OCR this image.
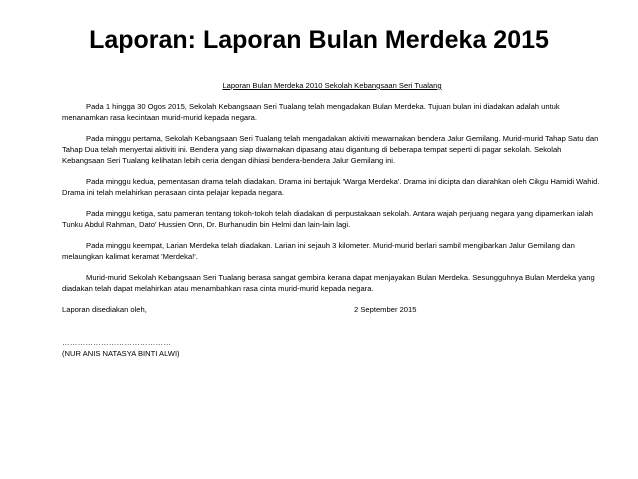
Laporan: Laporan Bulan Merdeka 2015

Laporan Bulan Merdeka 2010 Sekolah Kebangsaan Seri Tualang

Pada 1 hingga 30 Ogos 2015, Sekolah Kebangsaan Seri Tualang telah mengadakan Bulan Merdeka. Tujuan bulan ini diadakan adalah untuk menanamkan rasa kecintaan murid-murid kepada negara.

Pada minggu pertama, Sekolah Kebangsaan Seri Tualang telah mengadakan aktiviti mewarnakan bendera Jalur Gemilang. Murid-murid Tahap Satu dan Tahap Dua telah menyertai aktiviti ini. Bendera yang siap diwarnakan dipasang atau digantung di beberapa tempat seperti di pagar sekolah. Sekolah Kebangsaan Seri Tualang kelihatan lebih ceria dengan dihiasi bendera-bendera Jalur Gemilang ini.

Pada minggu kedua, pementasan drama telah diadakan. Drama ini bertajuk 'Warga Merdeka'. Drama ini dicipta dan diarahkan oleh Cikgu Hamidi Wahid. Drama ini telah melahirkan perasaan cinta pelajar kepada negara.

Pada minggu ketiga, satu pameran tentang tokoh-tokoh telah diadakan di perpustakaan sekolah. Antara wajah perjuang negara yang dipamerkan ialah Tunku Abdul Rahman, Dato' Hussien Onn, Dr. Burhanudin bin Helmi dan lain-lain lagi.

Pada minggu keempat, Larian Merdeka telah diadakan. Larian ini sejauh 3 kilometer. Murid-murid berlari sambil mengibarkan Jalur Gemilang dan melaungkan kalimat keramat 'Merdeka!'.

Murid-murid Sekolah Kebangsaan Seri Tualang berasa sangat gembira kerana dapat menjayakan Bulan Merdeka. Sesungguhnya Bulan Merdeka yang diadakan telah dapat melahirkan atau menambahkan rasa cinta murid-murid kepada negara.

Laporan disediakan oleh,	2 September 2015

……………………………………

(NUR ANIS NATASYA BINTI ALWI)
